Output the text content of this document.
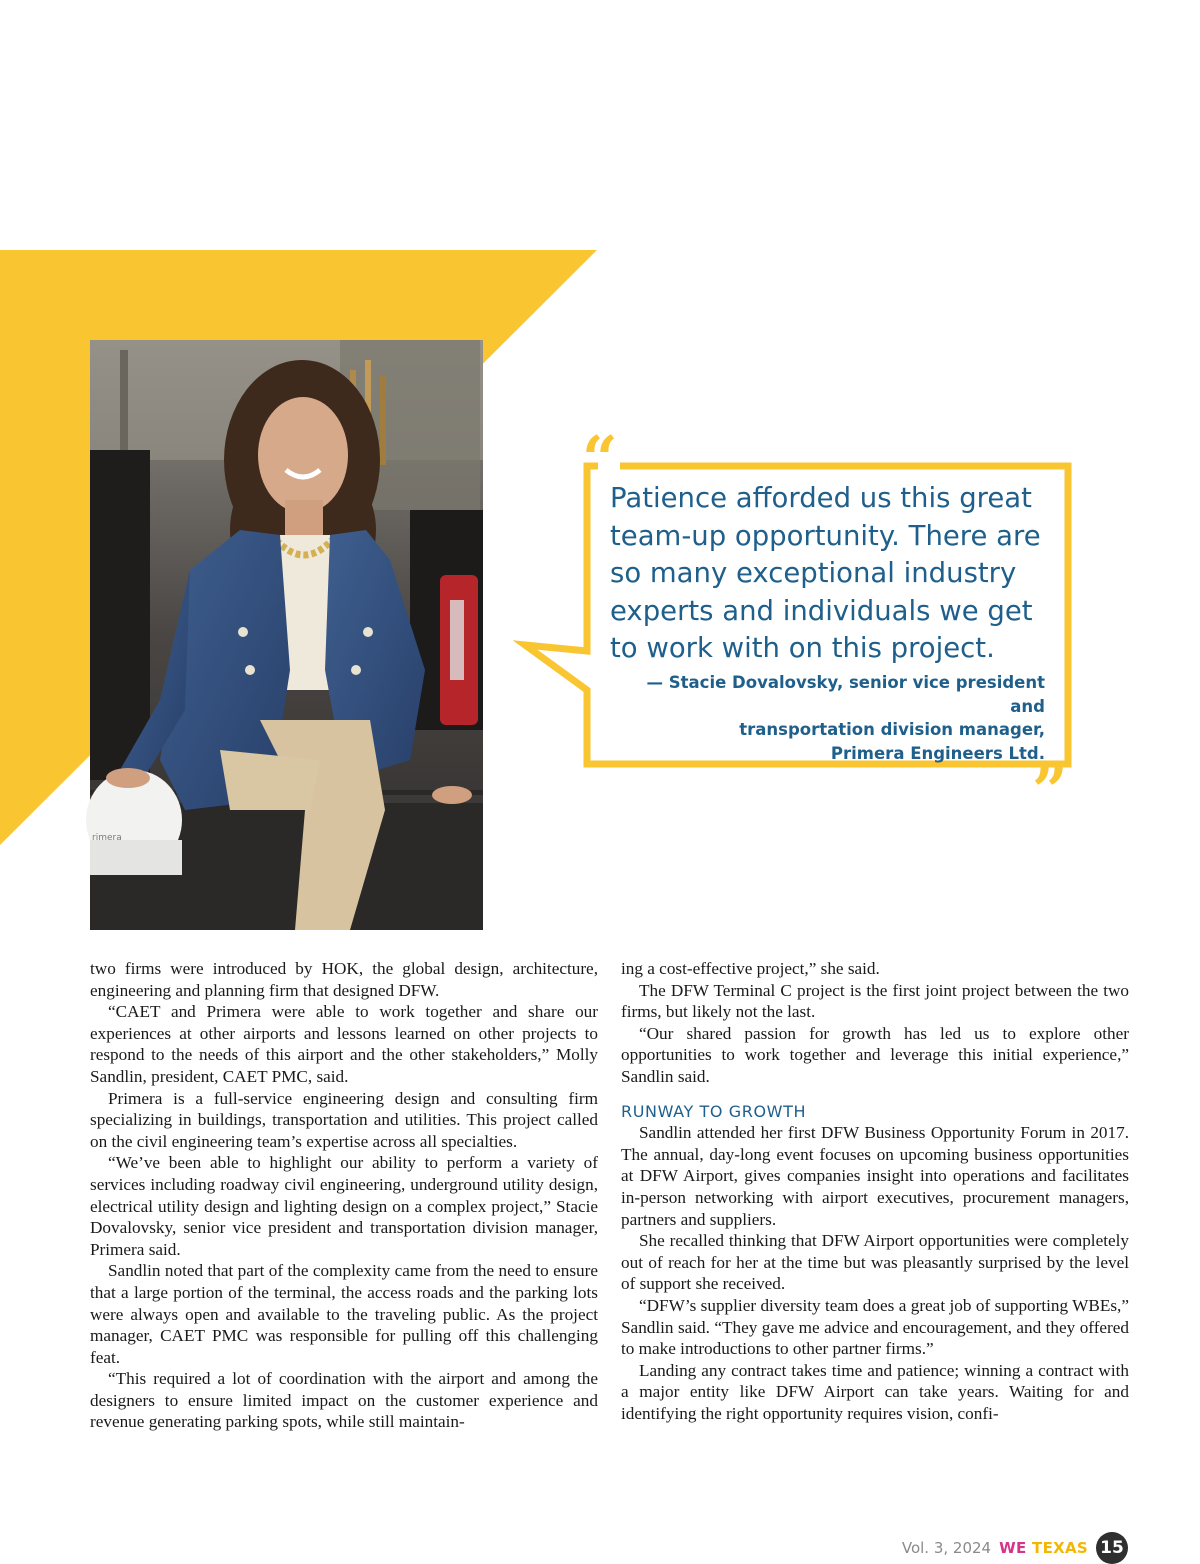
rimera
“
”

Patience afforded us this great team-up opportunity. There are so many exceptional industry experts and individuals we get to work with on this project.

— Stacie Dovalovsky, senior vice president and
transportation division manager,
Primera Engineers Ltd.

two firms were introduced by HOK, the global design, architecture, engineering and planning firm that designed DFW.

“CAET and Primera were able to work together and share our experiences at other airports and lessons learned on other projects to respond to the needs of this airport and the other stakeholders,” Molly Sandlin, president, CAET PMC, said.

Primera is a full-service engineering design and consulting firm specializing in buildings, transportation and utilities. This project called on the civil engineering team’s expertise across all specialties.

“We’ve been able to highlight our ability to perform a variety of services including roadway civil engineering, underground utility design, electrical utility design and lighting design on a complex project,” Stacie Dovalovsky, senior vice president and transportation division manager, Primera said.

Sandlin noted that part of the complexity came from the need to ensure that a large portion of the terminal, the access roads and the parking lots were always open and available to the traveling public. As the project manager, CAET PMC was responsible for pulling off this challenging feat.

“This required a lot of coordination with the airport and among the designers to ensure limited impact on the customer experience and revenue generating parking spots, while still maintain-

ing a cost-effective project,” she said.

The DFW Terminal C project is the first joint project between the two firms, but likely not the last.

“Our shared passion for growth has led us to explore other opportunities to work together and leverage this initial experience,” Sandlin said.

RUNWAY TO GROWTH

Sandlin attended her first DFW Business Opportunity Forum in 2017. The annual, day-long event focuses on upcoming business opportunities at DFW Airport, gives companies insight into operations and facilitates in-person networking with airport executives, procurement managers, partners and suppliers.

She recalled thinking that DFW Airport opportunities were completely out of reach for her at the time but was pleasantly surprised by the level of support she received.

“DFW’s supplier diversity team does a great job of supporting WBEs,” Sandlin said. “They gave me advice and encouragement, and they offered to make introductions to other partner firms.”

Landing any contract takes time and patience; winning a contract with a major entity like DFW Airport can take years. Waiting for and identifying the right opportunity requires vision, confi-

Vol. 3, 2024 WE TEXAS 15
